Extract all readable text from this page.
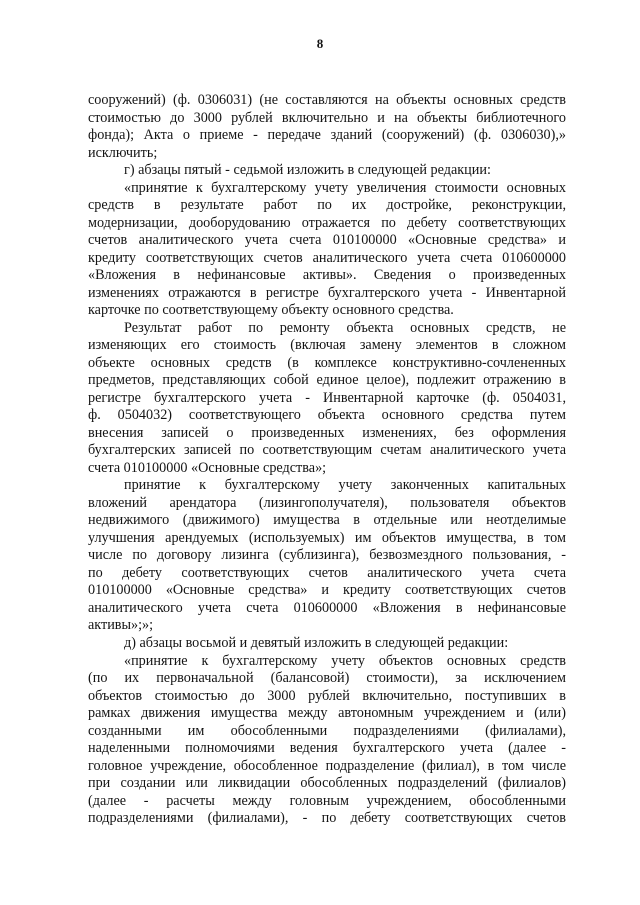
8
сооружений) (ф. 0306031) (не составляются на объекты основных средств
стоимостью до 3000 рублей включительно и на объекты библиотечного
фонда); Акта о приеме - передаче зданий (сооружений) (ф. 0306030),»
исключить;
г) абзацы пятый - седьмой изложить в следующей редакции:
«принятие к бухгалтерскому учету увеличения стоимости основных
средств в результате работ по их достройке, реконструкции,
модернизации, дооборудованию отражается по дебету соответствующих
счетов аналитического учета счета 010100000 «Основные средства» и
кредиту соответствующих счетов аналитического учета счета 010600000
«Вложения в нефинансовые активы». Сведения о произведенных
изменениях отражаются в регистре бухгалтерского учета - Инвентарной
карточке по соответствующему объекту основного средства.
Результат работ по ремонту объекта основных средств, не
изменяющих его стоимость (включая замену элементов в сложном
объекте основных средств (в комплексе конструктивно-сочлененных
предметов, представляющих собой единое целое), подлежит отражению в
регистре бухгалтерского учета - Инвентарной карточке (ф. 0504031,
ф. 0504032) соответствующего объекта основного средства путем
внесения записей о произведенных изменениях, без оформления
бухгалтерских записей по соответствующим счетам аналитического учета
счета 010100000 «Основные средства»;
принятие к бухгалтерскому учету законченных капитальных
вложений арендатора (лизингополучателя), пользователя объектов
недвижимого (движимого) имущества в отдельные или неотделимые
улучшения арендуемых (используемых) им объектов имущества, в том
числе по договору лизинга (сублизинга), безвозмездного пользования, -
по дебету соответствующих счетов аналитического учета счета
010100000 «Основные средства» и кредиту соответствующих счетов
аналитического учета счета 010600000 «Вложения в нефинансовые
активы»;»;
д) абзацы восьмой и девятый изложить в следующей редакции:
«принятие к бухгалтерскому учету объектов основных средств
(по их первоначальной (балансовой) стоимости), за исключением
объектов стоимостью до 3000 рублей включительно, поступивших в
рамках движения имущества между автономным учреждением и (или)
созданными им обособленными подразделениями (филиалами),
наделенными полномочиями ведения бухгалтерского учета (далее -
головное учреждение, обособленное подразделение (филиал), в том числе
при создании или ликвидации обособленных подразделений (филиалов)
(далее - расчеты между головным учреждением, обособленными
подразделениями (филиалами), - по дебету соответствующих счетов
